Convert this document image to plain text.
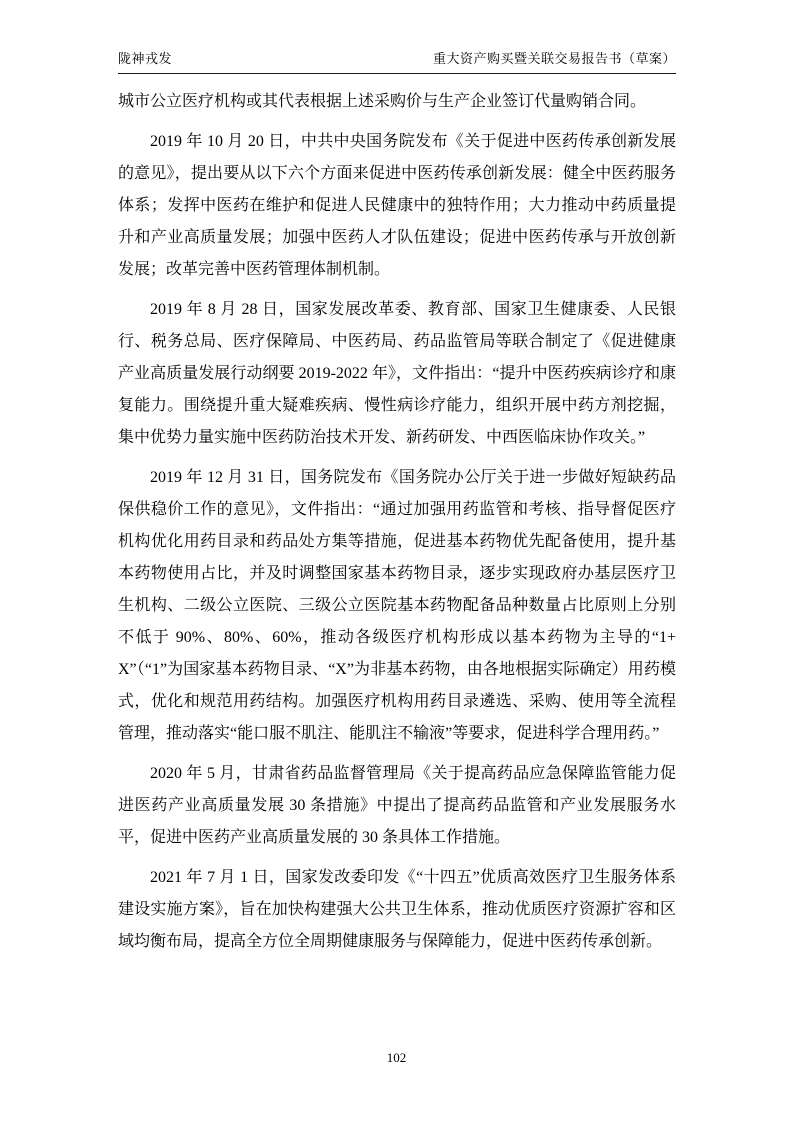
陇神戎发	重大资产购买暨关联交易报告书（草案）

城市公立医疗机构或其代表根据上述采购价与生产企业签订代量购销合同。

2019 年 10 月 20 日，中共中央国务院发布《关于促进中医药传承创新发展的意见》，提出要从以下六个方面来促进中医药传承创新发展：健全中医药服务体系；发挥中医药在维护和促进人民健康中的独特作用；大力推动中药质量提升和产业高质量发展；加强中医药人才队伍建设；促进中医药传承与开放创新发展；改革完善中医药管理体制机制。

2019 年 8 月 28 日，国家发展改革委、教育部、国家卫生健康委、人民银行、税务总局、医疗保障局、中医药局、药品监管局等联合制定了《促进健康产业高质量发展行动纲要 2019-2022 年》，文件指出：“提升中医药疾病诊疗和康复能力。围绕提升重大疑难疾病、慢性病诊疗能力，组织开展中药方剂挖掘，集中优势力量实施中医药防治技术开发、新药研发、中西医临床协作攻关。”

2019 年 12 月 31 日，国务院发布《国务院办公厅关于进一步做好短缺药品保供稳价工作的意见》，文件指出：“通过加强用药监管和考核、指导督促医疗机构优化用药目录和药品处方集等措施，促进基本药物优先配备使用，提升基本药物使用占比，并及时调整国家基本药物目录，逐步实现政府办基层医疗卫生机构、二级公立医院、三级公立医院基本药物配备品种数量占比原则上分别不低于 90%、80%、60%，推动各级医疗机构形成以基本药物为主导的“1+X”（“1”为国家基本药物目录、“X”为非基本药物，由各地根据实际确定）用药模式，优化和规范用药结构。加强医疗机构用药目录遴选、采购、使用等全流程管理，推动落实“能口服不肌注、能肌注不输液”等要求，促进科学合理用药。”

2020 年 5 月，甘肃省药品监督管理局《关于提高药品应急保障监管能力促进医药产业高质量发展 30 条措施》中提出了提高药品监管和产业发展服务水平，促进中医药产业高质量发展的 30 条具体工作措施。

2021 年 7 月 1 日，国家发改委印发《“十四五”优质高效医疗卫生服务体系建设实施方案》，旨在加快构建强大公共卫生体系，推动优质医疗资源扩容和区域均衡布局，提高全方位全周期健康服务与保障能力，促进中医药传承创新。

102
